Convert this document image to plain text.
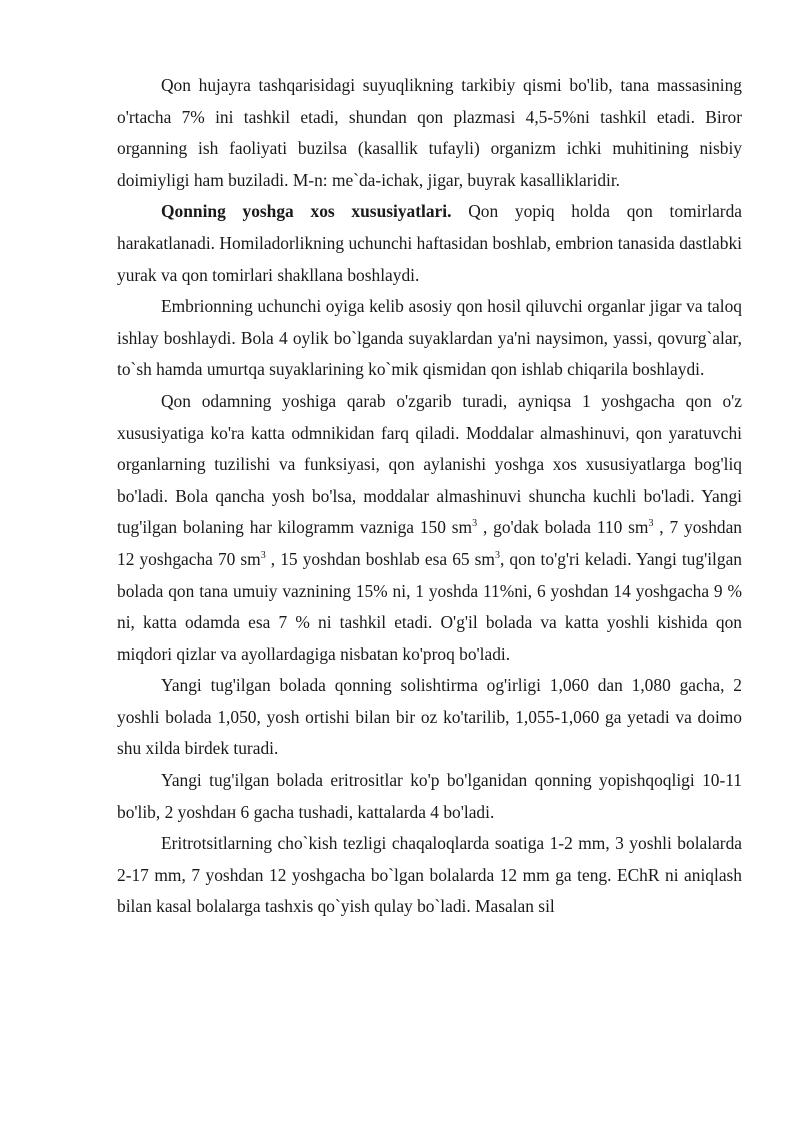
Qon hujayra tashqarisidagi suyuqlikning tarkibiy qismi bo'lib, tana massasining o'rtacha 7% ini tashkil etadi, shundan qon plazmasi 4,5-5%ni tashkil etadi. Biror organning ish faoliyati buzilsa (kasallik tufayli) organizm ichki muhitining nisbiy doimiyligi ham buziladi. M-n: me`da-ichak, jigar, buyrak kasalliklaridir.

Qonning yoshga xos xususiyatlari. Qon yopiq holda qon tomirlarda harakatlanadi. Homiladorlikning uchunchi haftasidan boshlab, embrion tanasida dastlabki yurak va qon tomirlari shakllana boshlaydi.

Embrionning uchunchi oyiga kelib asosiy qon hosil qiluvchi organlar jigar va taloq ishlay boshlaydi. Bola 4 oylik bo`lganda suyaklardan ya'ni naysimon, yassi, qovurg`alar, to`sh hamda umurtqa suyaklarining ko`mik qismidan qon ishlab chiqarila boshlaydi.

Qon odamning yoshiga qarab o'zgarib turadi, ayniqsa 1 yoshgacha qon o'z xususiyatiga ko'ra katta odmnikidan farq qiladi. Moddalar almashinuvi, qon yaratuvchi organlarning tuzilishi va funksiyasi, qon aylanishi yoshga xos xususiyatlarga bog'liq bo'ladi. Bola qancha yosh bo'lsa, moddalar almashinuvi shuncha kuchli bo'ladi. Yangi tug'ilgan bolaning har kilogramm vazniga 150 $sm^3$ , go'dak bolada 110 $sm^3$ , 7 yoshdan 12 yoshgacha 70 $sm^3$ , 15 yoshdan boshlab esa 65 $sm^3$, qon to'g'ri keladi. Yangi tug'ilgan bolada qon tana umuiy vaznining 15% ni, 1 yoshda 11%ni, 6 yoshdan 14 yoshgacha 9 % ni, katta odamda esa 7 % ni tashkil etadi. O'g'il bolada va katta yoshli kishida qon miqdori qizlar va ayollardagiga nisbatan ko'proq bo'ladi.

Yangi tug'ilgan bolada qonning solishtirma og'irligi 1,060 dan 1,080 gacha, 2 yoshli bolada 1,050, yosh ortishi bilan bir oz ko'tarilib, 1,055-1,060 ga yetadi va doimo shu xilda birdek turadi.

Yangi tug'ilgan bolada eritrositlar ko'p bo'lganidan qonning yopishqoqligi 10-11 bo'lib, 2 yoshdан 6 gacha tushadi, kattalarda 4 bo'ladi.

Eritrotsitlarning cho`kish tezligi chaqaloqlarda soatiga 1-2 mm, 3 yoshli bolalarda 2-17 mm, 7 yoshdan 12 yoshgacha bo`lgan bolalarda 12 mm ga teng. EChR ni aniqlash bilan kasal bolalarga tashxis qo`yish qulay bo`ladi. Masalan sil
